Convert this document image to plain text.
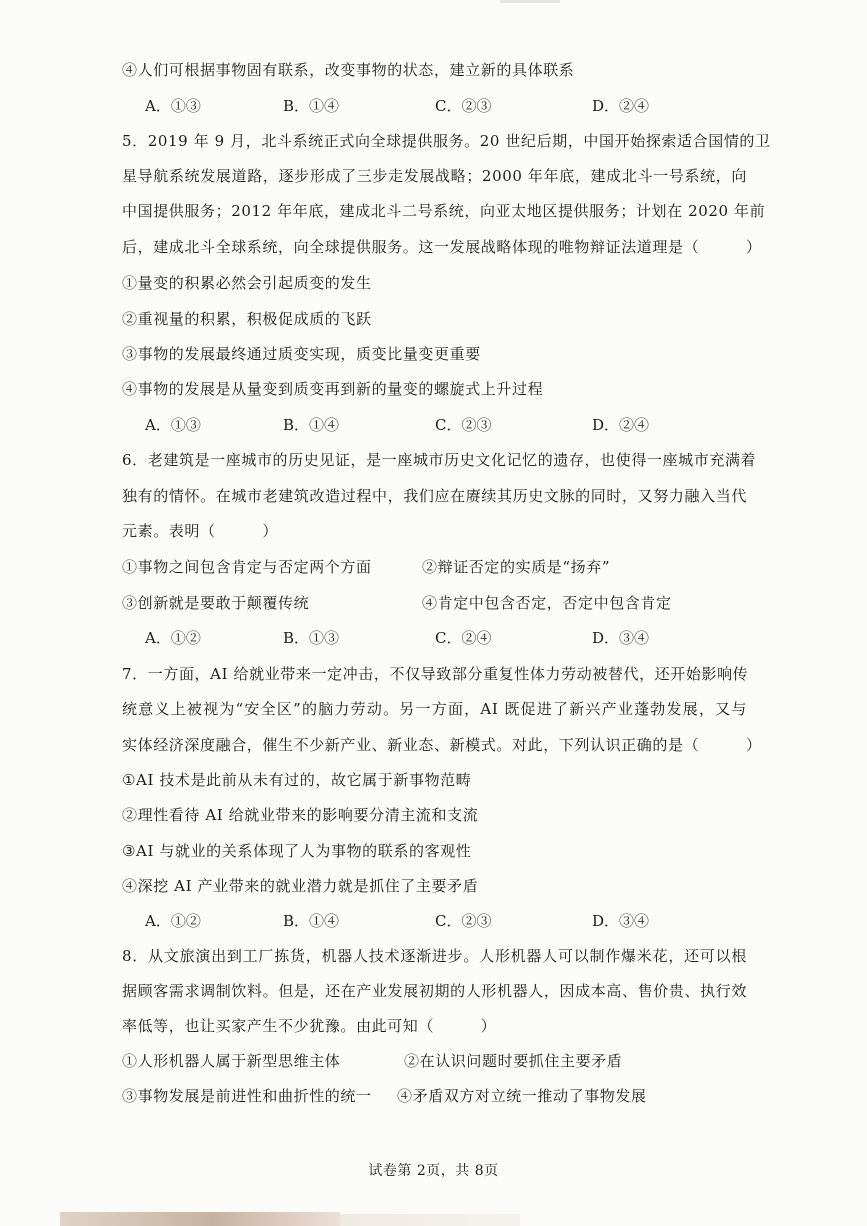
④人们可根据事物固有联系，改变事物的状态，建立新的具体联系
A．①③	B．①④	C．②③	D．②④
5．2019 年 9 月，北斗系统正式向全球提供服务。20 世纪后期，中国开始探索适合国情的卫
星导航系统发展道路，逐步形成了三步走发展战略；2000 年年底，建成北斗一号系统，向
中国提供服务；2012 年年底，建成北斗二号系统，向亚太地区提供服务；计划在 2020 年前
后，建成北斗全球系统，向全球提供服务。这一发展战略体现的唯物辩证法道理是（　　　）
①量变的积累必然会引起质变的发生
②重视量的积累，积极促成质的飞跃
③事物的发展最终通过质变实现，质变比量变更重要
④事物的发展是从量变到质变再到新的量变的螺旋式上升过程
A．①③	B．①④	C．②③	D．②④
6．老建筑是一座城市的历史见证，是一座城市历史文化记忆的遗存，也使得一座城市充满着
独有的情怀。在城市老建筑改造过程中，我们应在赓续其历史文脉的同时，又努力融入当代
元素。表明（　　　）
①事物之间包含肯定与否定两个方面	②辩证否定的实质是“扬弃”
③创新就是要敢于颠覆传统	④肯定中包含否定，否定中包含肯定
A．①②	B．①③	C．②④	D．③④
7．一方面，AI 给就业带来一定冲击，不仅导致部分重复性体力劳动被替代，还开始影响传
统意义上被视为“安全区”的脑力劳动。另一方面，AI 既促进了新兴产业蓬勃发展，又与
实体经济深度融合，催生不少新产业、新业态、新模式。对此，下列认识正确的是（　　　）
①AI 技术是此前从未有过的，故它属于新事物范畴
②理性看待 AI 给就业带来的影响要分清主流和支流
③AI 与就业的关系体现了人为事物的联系的客观性
④深挖 AI 产业带来的就业潜力就是抓住了主要矛盾
A．①②	B．①④	C．②③	D．③④
8．从文旅演出到工厂拣货，机器人技术逐渐进步。人形机器人可以制作爆米花，还可以根
据顾客需求调制饮料。但是，还在产业发展初期的人形机器人，因成本高、售价贵、执行效
率低等，也让买家产生不少犹豫。由此可知（　　　）
①人形机器人属于新型思维主体	②在认识问题时要抓住主要矛盾
③事物发展是前进性和曲折性的统一 ④矛盾双方对立统一推动了事物发展
试卷第 2页，共 8页
